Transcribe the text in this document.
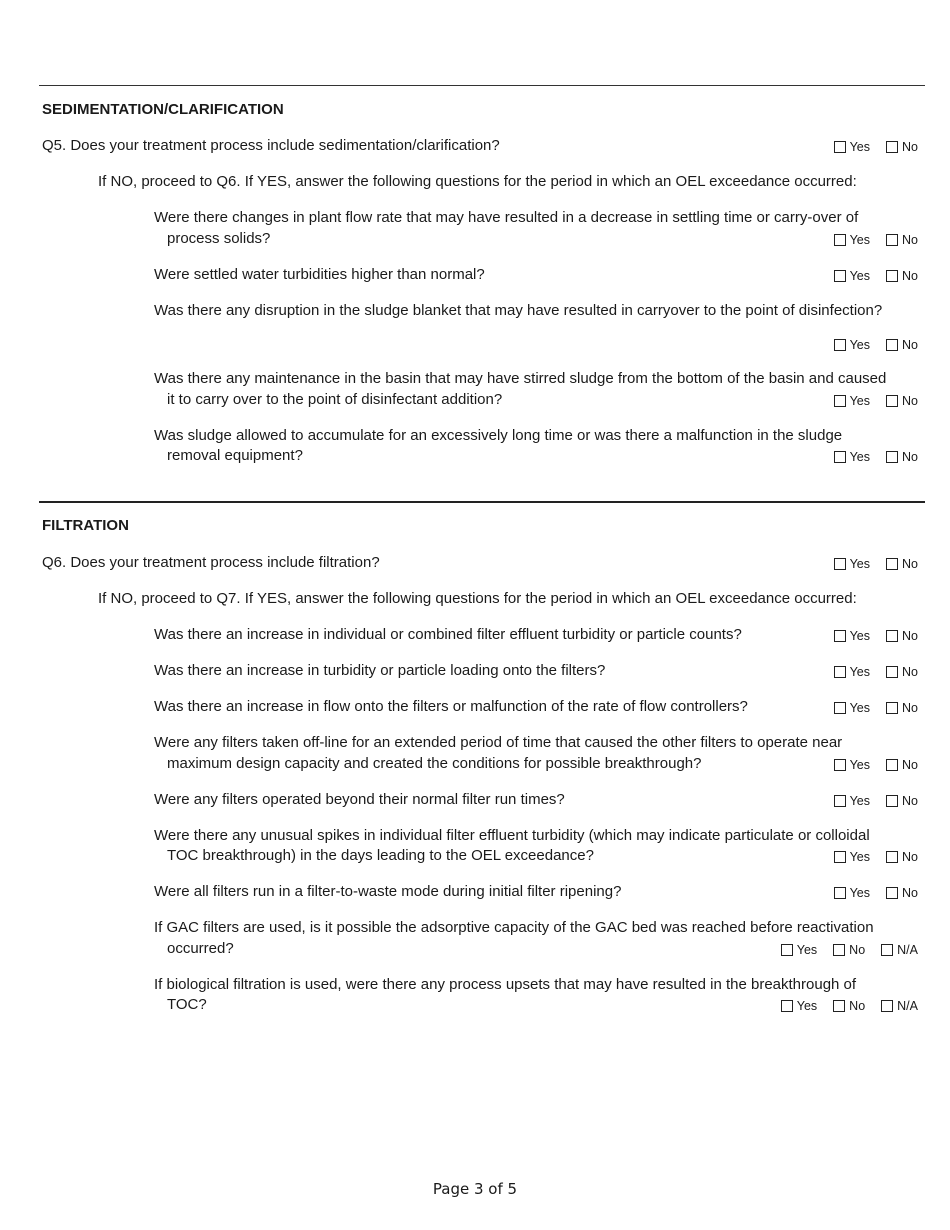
SEDIMENTATION/CLARIFICATION
Q5. Does your treatment process include sedimentation/clarification?	Yes	No
If NO, proceed to Q6. If YES, answer the following questions for the period in which an OEL exceedance occurred:
Were there changes in plant flow rate that may have resulted in a decrease in settling time or carry-over of
process solids?	Yes	No
Were settled water turbidities higher than normal?	Yes	No
Was there any disruption in the sludge blanket that may have resulted in carryover to the point of disinfection?
Yes	No
Was there any maintenance in the basin that may have stirred sludge from the bottom of the basin and caused
it to carry over to the point of disinfectant addition?	Yes	No
Was sludge allowed to accumulate for an excessively long time or was there a malfunction in the sludge
removal equipment?	Yes	No
FILTRATION
Q6. Does your treatment process include filtration?	Yes	No
If NO, proceed to Q7. If YES, answer the following questions for the period in which an OEL exceedance occurred:
Was there an increase in individual or combined filter effluent turbidity or particle counts?	Yes	No
Was there an increase in turbidity or particle loading onto the filters?	Yes	No
Was there an increase in flow onto the filters or malfunction of the rate of flow controllers?	Yes	No
Were any filters taken off-line for an extended period of time that caused the other filters to operate near
maximum design capacity and created the conditions for possible breakthrough?	Yes	No
Were any filters operated beyond their normal filter run times?	Yes	No
Were there any unusual spikes in individual filter effluent turbidity (which may indicate particulate or colloidal
TOC breakthrough) in the days leading to the OEL exceedance?	Yes	No
Were all filters run in a filter-to-waste mode during initial filter ripening?	Yes	No
If GAC filters are used, is it possible the adsorptive capacity of the GAC bed was reached before reactivation
occurred?	Yes	No	N/A
If biological filtration is used, were there any process upsets that may have resulted in the breakthrough of
TOC?	Yes	No	N/A
Page 3 of 5
